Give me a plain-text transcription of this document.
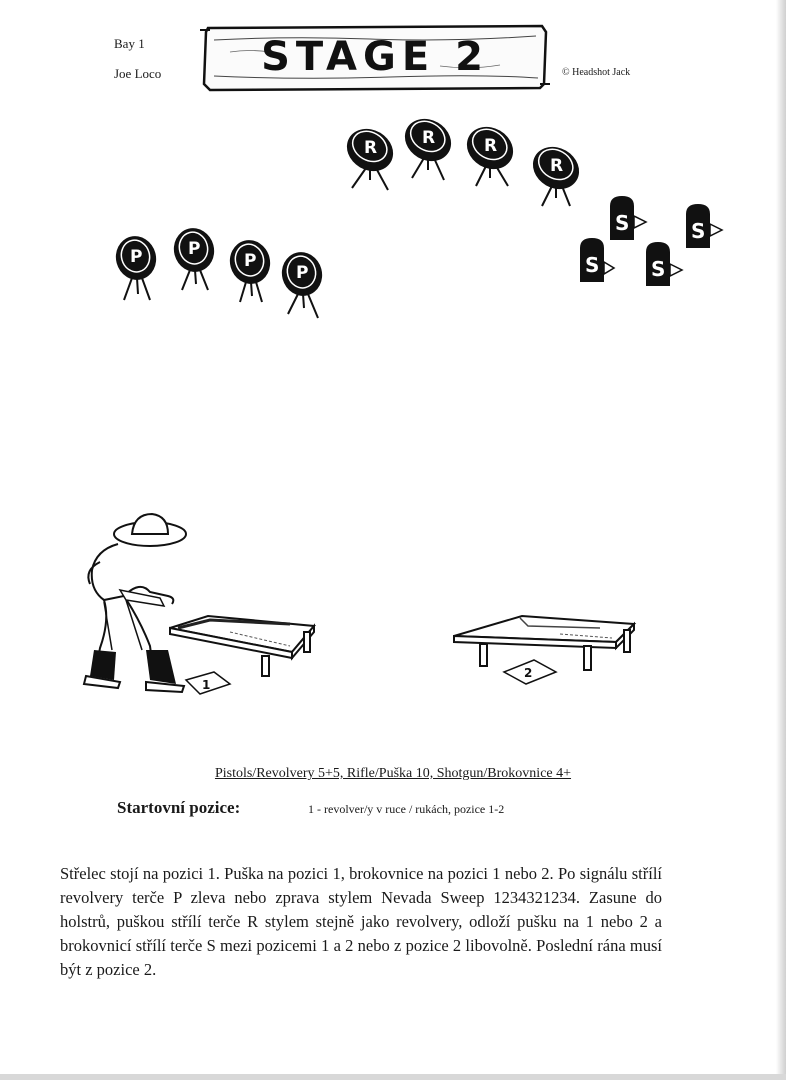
Bay 1
Joe Loco	STAGE 2	© Headshot Jack
R	R	R
R
P	P
P
P	S
S
S
S
1
2
Pistols/Revolvery 5+5, Rifle/Puška 10, Shotgun/Brokovnice 4+
Startovní pozice:	1 - revolver/y v ruce / rukách, pozice 1-2
Střelec stojí na pozici 1. Puška na pozici 1, brokovnice na pozici 1 nebo 2. Po signálu střílí revolvery terče P zleva nebo zprava stylem Nevada Sweep 1234321234. Zasune do holstrů, puškou střílí terče R stylem stejně jako revolvery, odloží pušku na 1 nebo 2 a brokovnicí střílí terče S mezi pozicemi 1 a 2 nebo z pozice 2 libovolně. Poslední rána musí být z pozice 2.
